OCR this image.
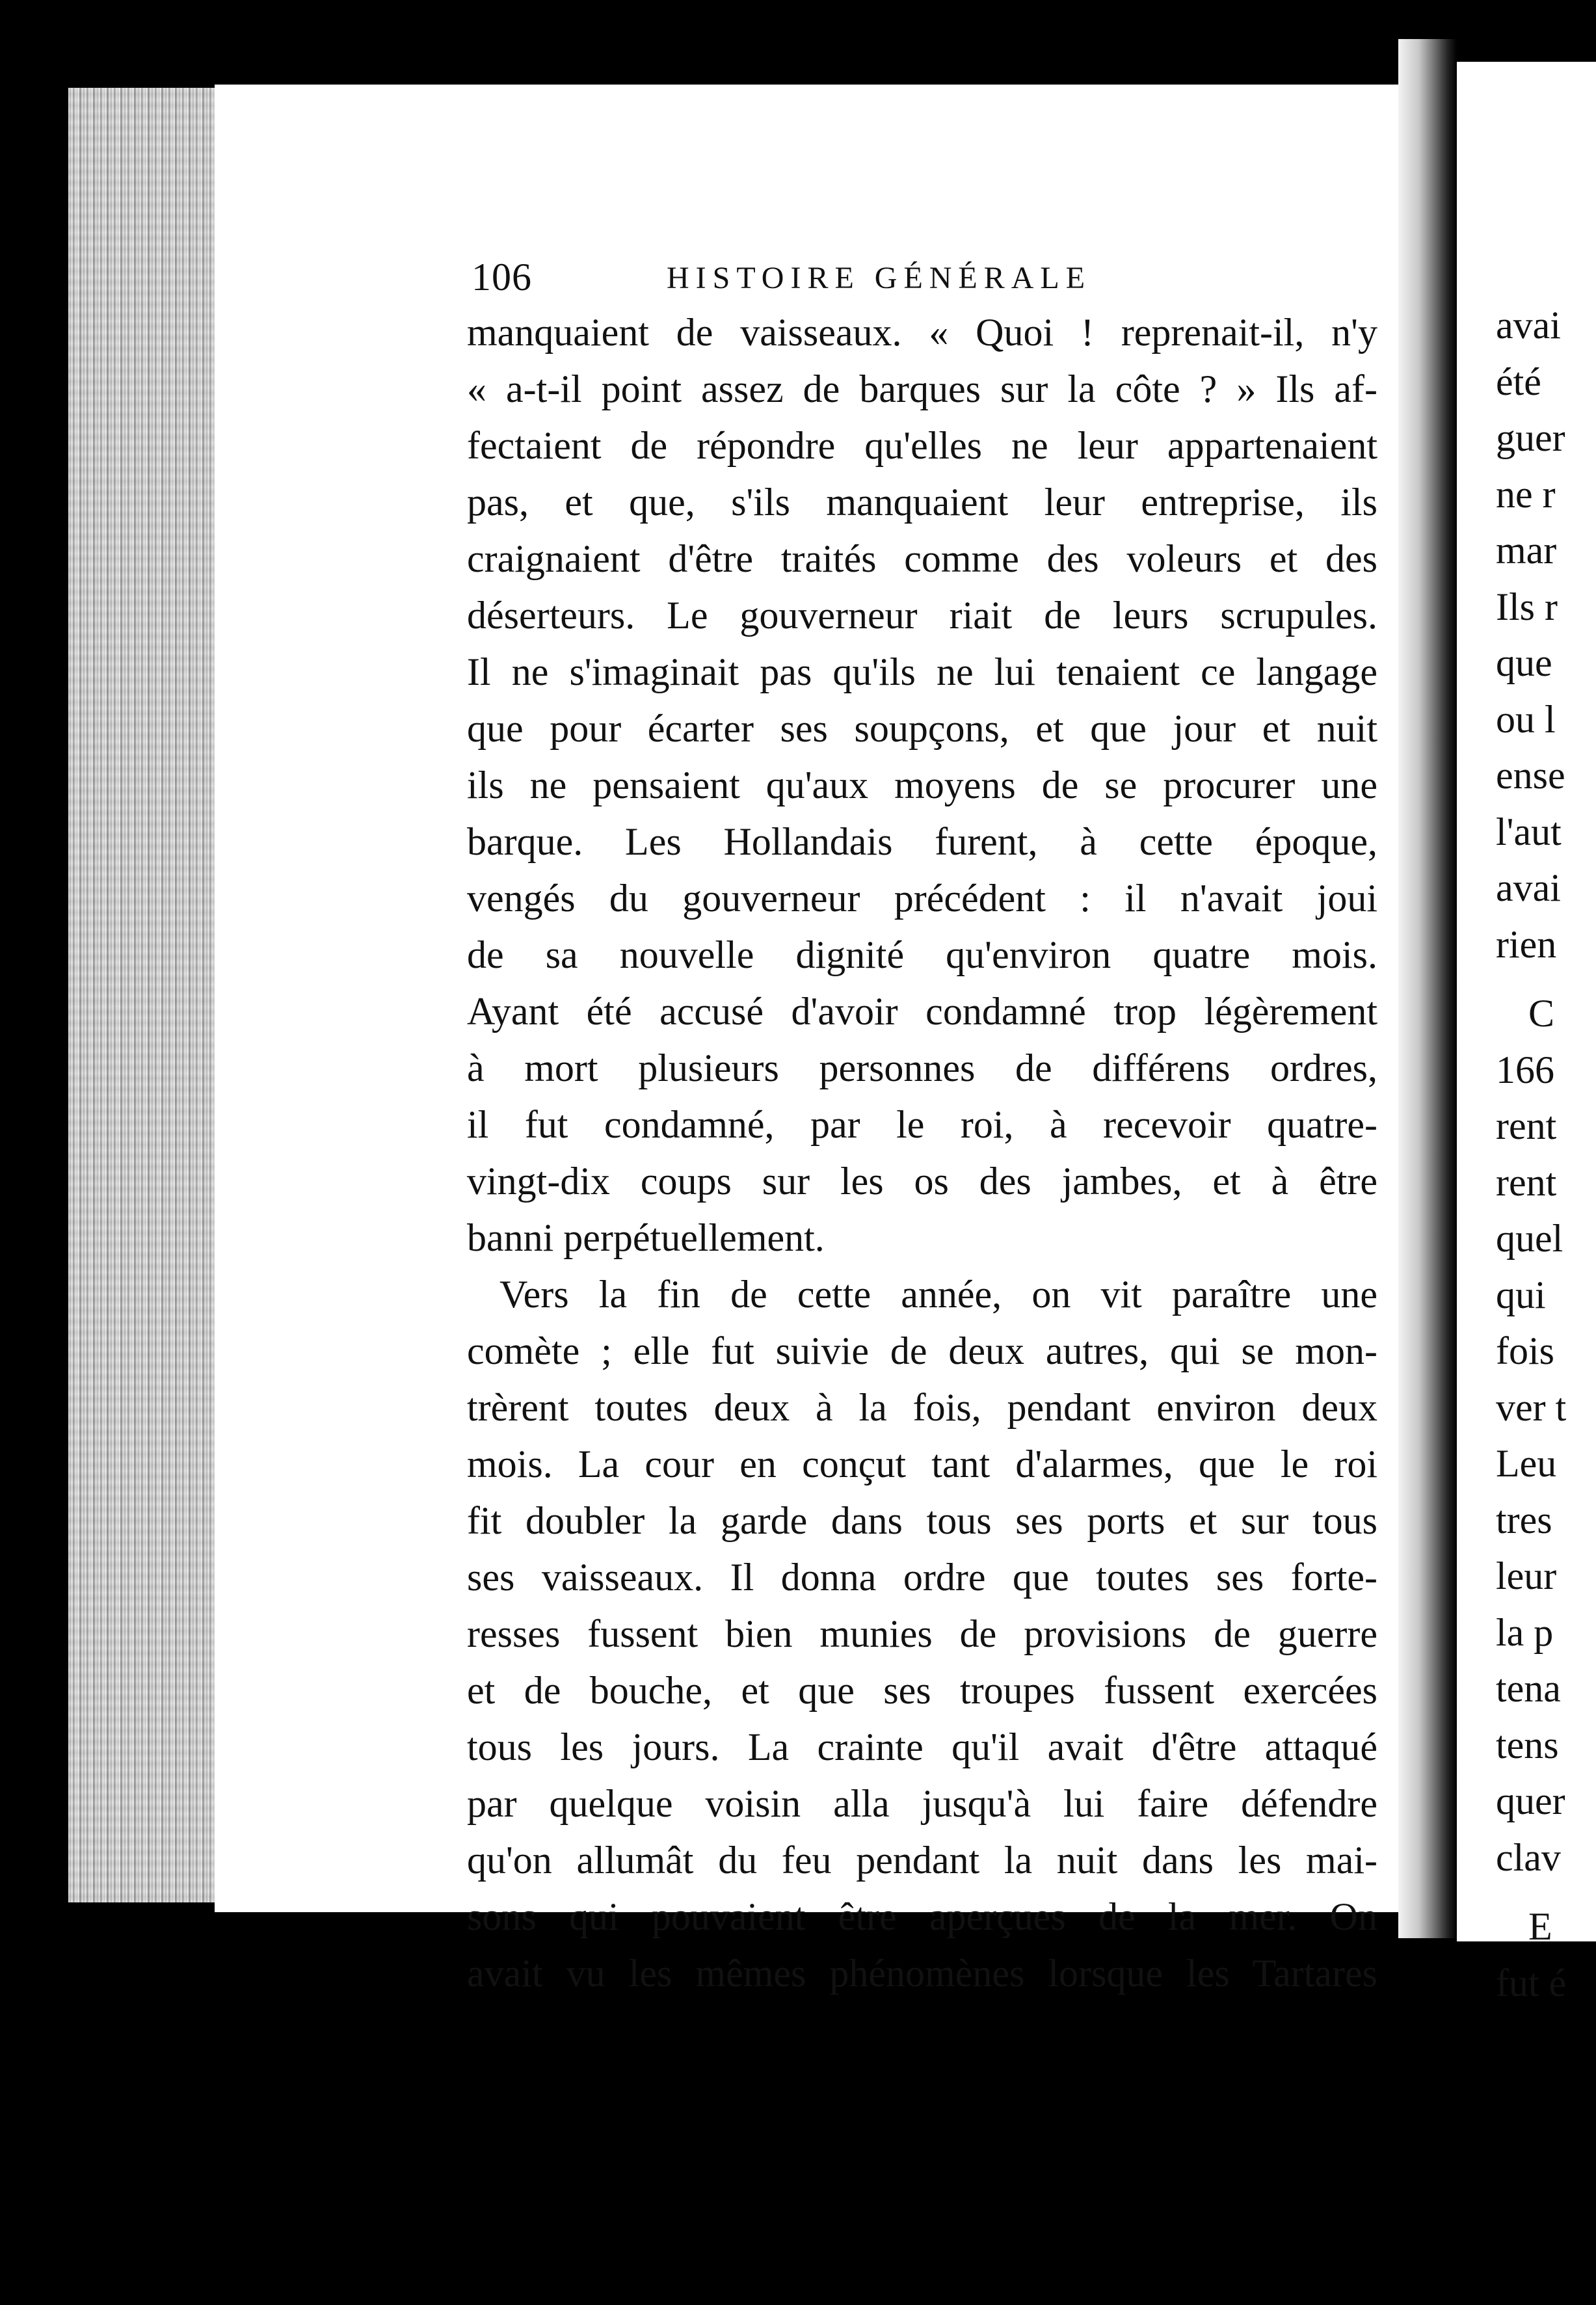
avai
été
guer
ne r
mar
Ils r
que
ou l
ense
l'aut
avai
rien
C
166
rent
rent
quel
qui
fois
ver t
Leu
tres
leur
la p
tena
tens
quer
clav
E
fut é
106	HISTOIRE GÉNÉRALE
manquaient de vaisseaux. « Quoi ! reprenait-il, n'y
« a-t-il point assez de barques sur la côte ? » Ils af-
fectaient de répondre qu'elles ne leur appartenaient
pas, et que, s'ils manquaient leur entreprise, ils
craignaient d'être traités comme des voleurs et des
déserteurs. Le gouverneur riait de leurs scrupules.
Il ne s'imaginait pas qu'ils ne lui tenaient ce langage
que pour écarter ses soupçons, et que jour et nuit
ils ne pensaient qu'aux moyens de se procurer une
barque. Les Hollandais furent, à cette époque,
vengés du gouverneur précédent : il n'avait joui
de sa nouvelle dignité qu'environ quatre mois.
Ayant été accusé d'avoir condamné trop légèrement
à mort plusieurs personnes de différens ordres,
il fut condamné, par le roi, à recevoir quatre-
vingt-dix coups sur les os des jambes, et à être
banni perpétuellement.
Vers la fin de cette année, on vit paraître une
comète ; elle fut suivie de deux autres, qui se mon-
trèrent toutes deux à la fois, pendant environ deux
mois. La cour en conçut tant d'alarmes, que le roi
fit doubler la garde dans tous ses ports et sur tous
ses vaisseaux. Il donna ordre que toutes ses forte-
resses fussent bien munies de provisions de guerre
et de bouche, et que ses troupes fussent exercées
tous les jours. La crainte qu'il avait d'être attaqué
par quelque voisin alla jusqu'à lui faire défendre
qu'on allumât du feu pendant la nuit dans les mai-
sons qui pouvaient être aperçues de la mer. On
avait vu les mêmes phénomènes lorsque les Tartares
